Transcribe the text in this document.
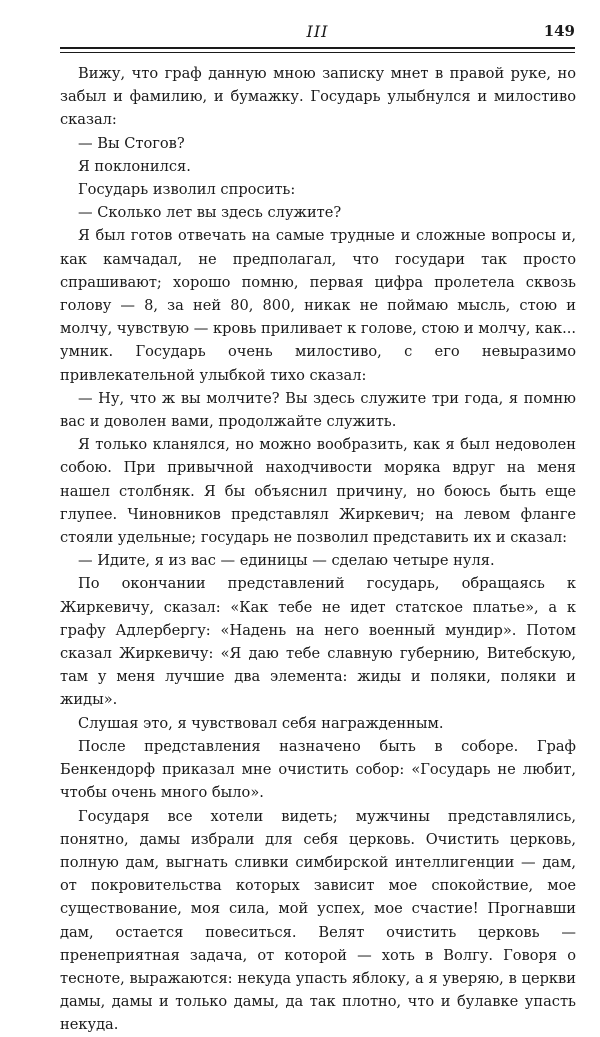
III	149

Вижу, что граф данную мною записку мнет в правой руке, но забыл и фамилию, и бумажку. Государь улыбнулся и милостиво сказал:

— Вы Стогов?

Я поклонился.

Государь изволил спросить:

— Сколько лет вы здесь служите?

Я был готов отвечать на самые трудные и сложные вопросы и, как камчадал, не предполагал, что государи так просто спрашивают; хорошо помню, первая цифра пролетела сквозь голову — 8, за ней 80, 800, никак не поймаю мысль, стою и молчу, чувствую — кровь приливает к голове, стою и молчу, как... умник. Государь очень милостиво, с его невыразимо привлекательной улыбкой тихо сказал:

— Ну, что ж вы молчите? Вы здесь служите три года, я помню вас и доволен вами, продолжайте служить.

Я только кланялся, но можно вообразить, как я был недоволен собою. При привычной находчивости моряка вдруг на меня нашел столбняк. Я бы объяснил причину, но боюсь быть еще глупее. Чиновников представлял Жиркевич; на левом фланге стояли удельные; государь не позволил представить их и сказал:

— Идите, я из вас — единицы — сделаю четыре нуля.

По окончании представлений государь, обращаясь к Жиркевичу, сказал: «Как тебе не идет статское платье», а к графу Адлербергу: «Надень на него военный мундир». Потом сказал Жиркевичу: «Я даю тебе славную губернию, Витебскую, там у меня лучшие два элемента: жиды и поляки, поляки и жиды».

Слушая это, я чувствовал себя награжденным.

После представления назначено быть в соборе. Граф Бенкендорф приказал мне очистить собор: «Государь не любит, чтобы очень много было».

Государя все хотели видеть; мужчины представлялись, понятно, дамы избрали для себя церковь. Очистить церковь, полную дам, выгнать сливки симбирской интеллигенции — дам, от покровительства которых зависит мое спокойствие, мое существование, моя сила, мой успех, мое счастие! Прогнавши дам, остается повеситься. Велят очистить церковь — пренеприятная задача, от которой — хоть в Волгу. Говоря о тесноте, выражаются: некуда упасть яблоку, а я уверяю, в церкви дамы, дамы и только дамы, да так плотно, что и булавке упасть некуда.
